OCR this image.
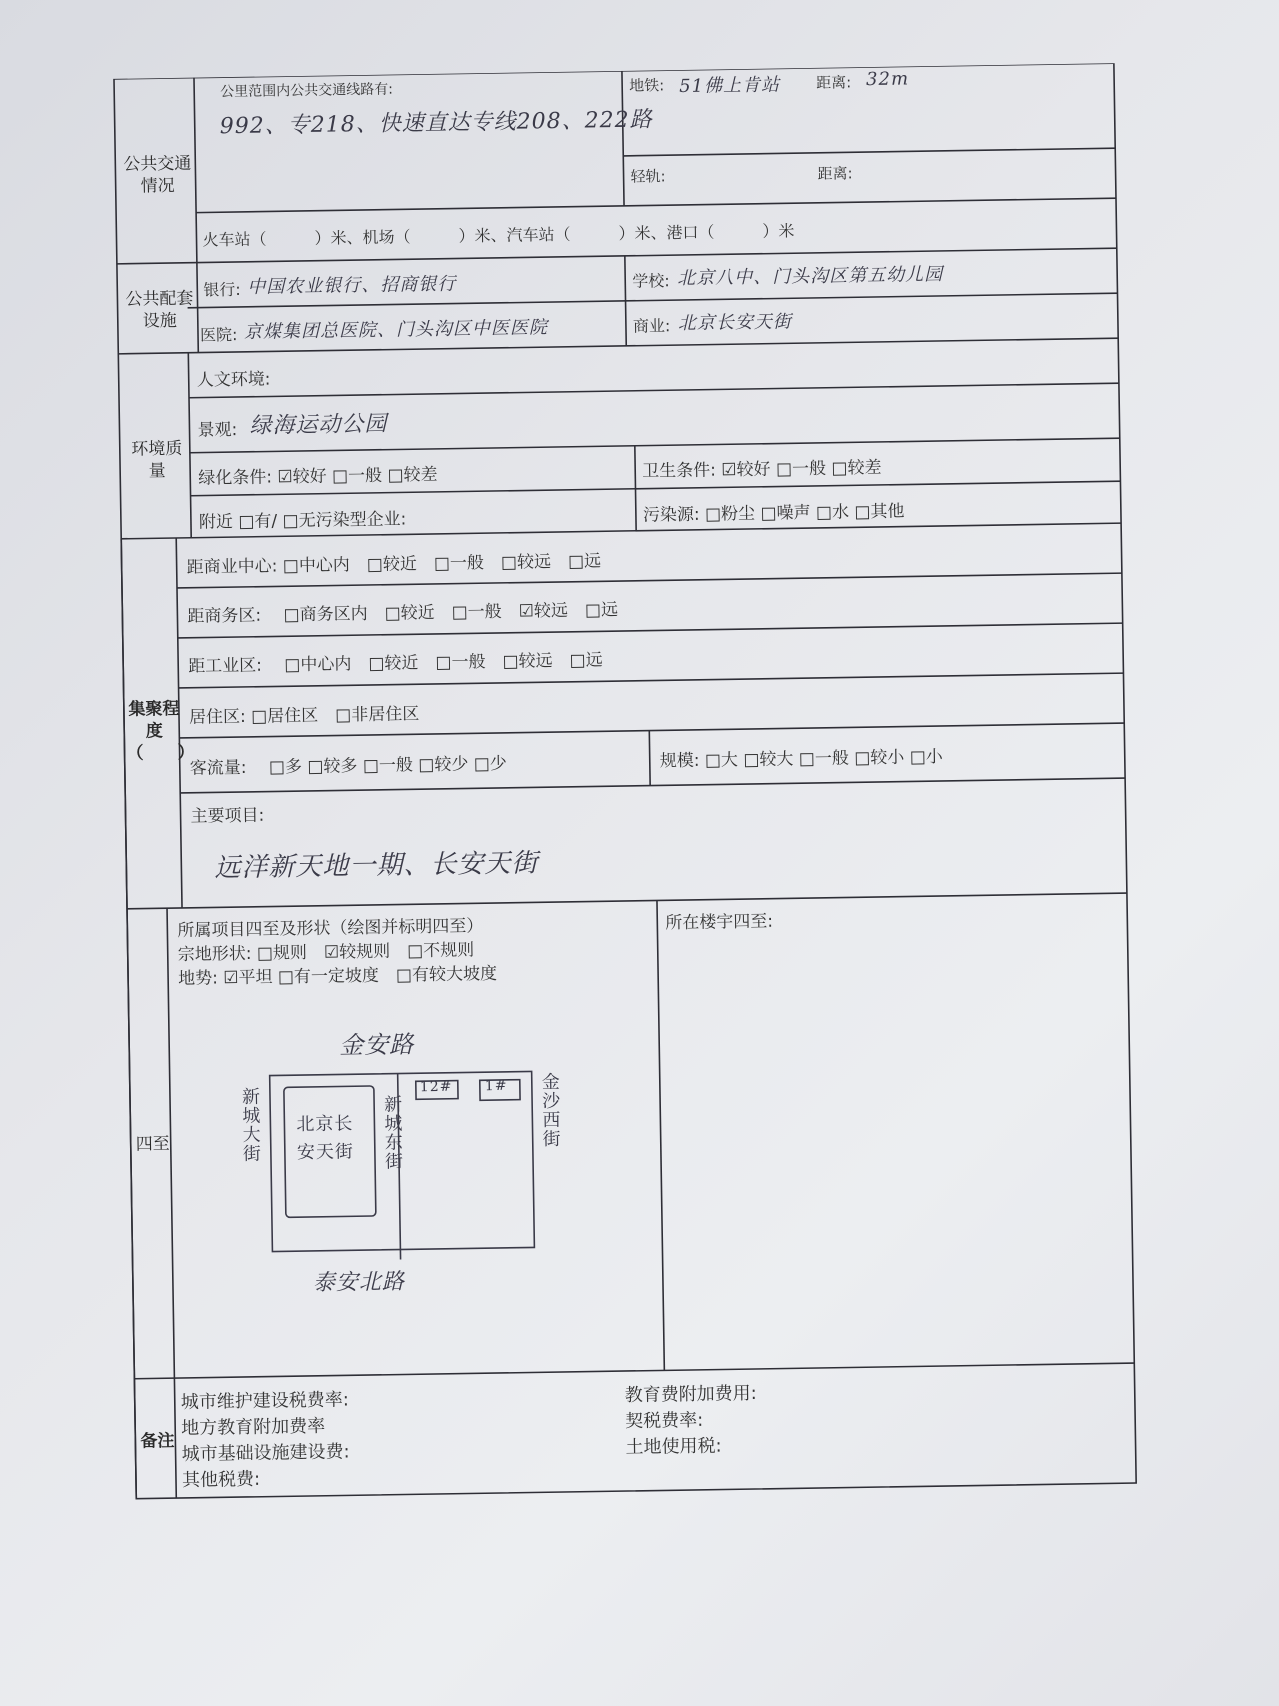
公共交通情况
公里范围内公共交通线路有:
992、专218、快速直达专线208、222路
地铁: 51佛上肯站 距离: 32m
轻轨:	距离:
火车站（　　　）米、机场（　　　）米、汽车站（　　　）米、港口（　　　）米
公共配套设施
银行: 中国农业银行、招商银行	学校: 北京八中、门头沟区第五幼儿园
医院: 京煤集团总医院、门头沟区中医医院	商业: 北京长安天街
环境质量
人文环境:
景观: 绿海运动公园
绿化条件: ☑较好 □一般 □较差	卫生条件: ☑较好 □一般 □较差
附近 □有/ □无污染型企业:	污染源: □粉尘 □噪声 □水 □其他
集聚程度
（　　）
距商业中心: □中心内　□较近　□一般　□较远　□远
距商务区: 　□商务区内　□较近　□一般　☑较远　□远
距工业区: 　□中心内　□较近　□一般　□较远　□远
居住区: □居住区　□非居住区
客流量: 　□多 □较多 □一般 □较少 □少	规模: □大 □较大 □一般 □较小 □小
主要项目:
远洋新天地一期、长安天街
四至
所属项目四至及形状（绘图并标明四至）
宗地形状: □规则　☑较规则　□不规则
地势: ☑平坦 □有一定坡度　□有较大坡度
所在楼宇四至:
金安路
泰安北路
新城大街	金沙西街
新城东街
北京长安天街
12# 1#
备注
城市维护建设税费率:
地方教育附加费率
城市基础设施建设费:
其他税费:
教育费附加费用:
契税费率:
土地使用税:
